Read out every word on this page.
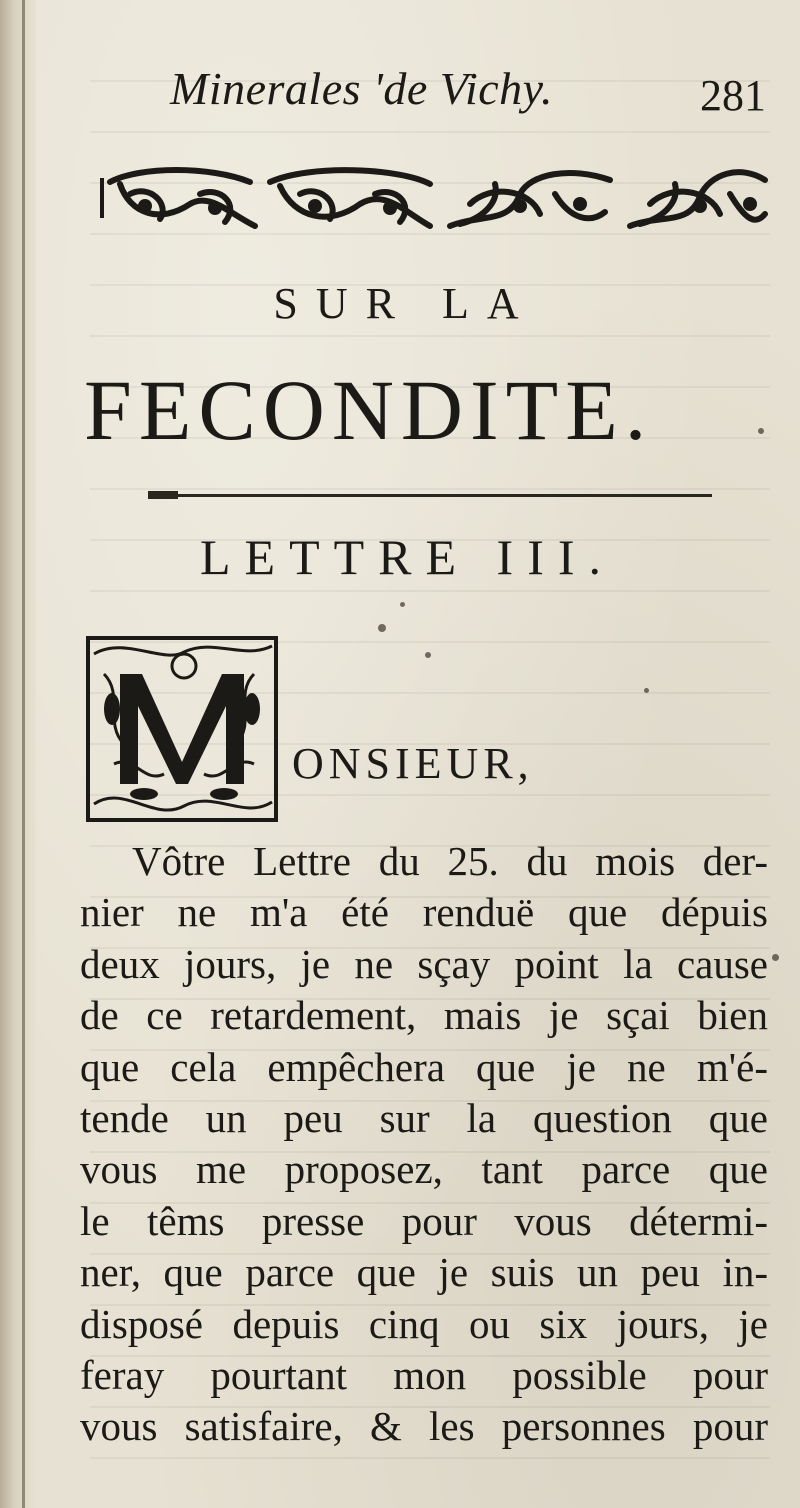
Minerales 'de Vichy.	281
SUR LA
FECONDITE.
LETTRE III.
M ONSIEUR,
Vôtre Lettre du 25. du mois der-
nier ne m'a été renduë que dépuis
deux jours, je ne sçay point la cause
de ce retardement, mais je sçai bien
que cela empêchera que je ne m'é-
tende un peu sur la question que
vous me proposez, tant parce que
le têms presse pour vous détermi-
ner, que parce que je suis un peu in-
disposé depuis cinq ou six jours, je
feray pourtant mon possible pour
vous satisfaire, & les personnes pour
